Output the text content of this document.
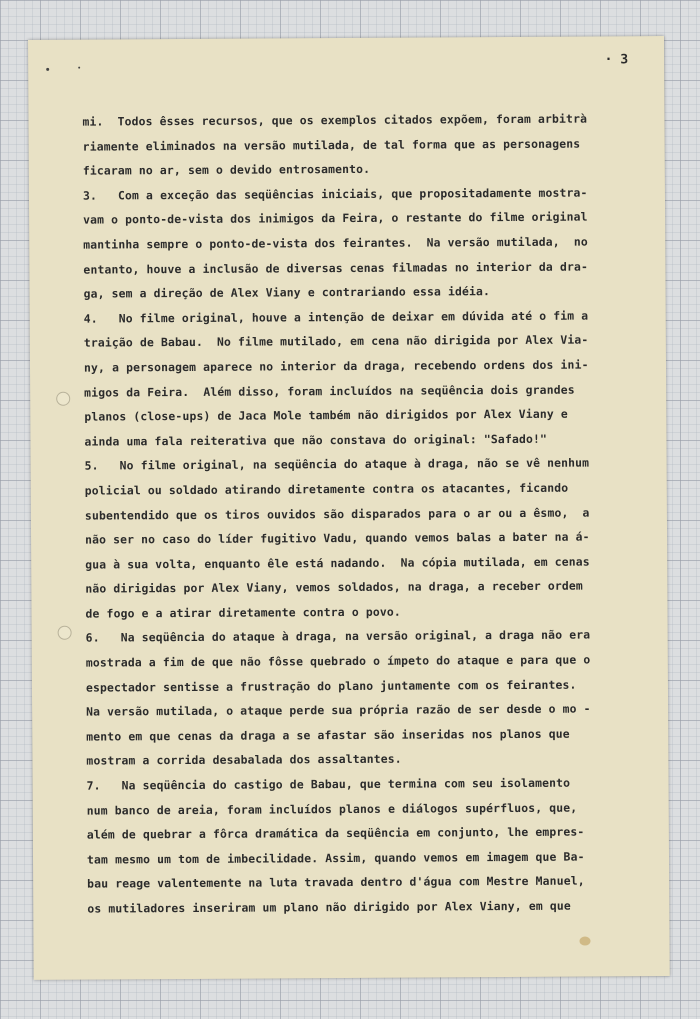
· 3
mi.  Todos êsses recursos, que os exemplos citados expõem, foram arbitrà
riamente eliminados na versão mutilada, de tal forma que as personagens
ficaram no ar, sem o devido entrosamento.
3.   Com a exceção das seqüências iniciais, que propositadamente mostra-
vam o ponto-de-vista dos inimigos da Feira, o restante do filme original
mantinha sempre o ponto-de-vista dos feirantes.  Na versão mutilada,  no
entanto, houve a inclusão de diversas cenas filmadas no interior da dra-
ga, sem a direção de Alex Viany e contrariando essa idéia.
4.   No filme original, houve a intenção de deixar em dúvida até o fim a
traição de Babau.  No filme mutilado, em cena não dirigida por Alex Via-
ny, a personagem aparece no interior da draga, recebendo ordens dos ini-
migos da Feira.  Além disso, foram incluídos na seqüência dois grandes
planos (close-ups) de Jaca Mole também não dirigidos por Alex Viany e
ainda uma fala reiterativa que não constava do original: "Safado!"
5.   No filme original, na seqüência do ataque à draga, não se vê nenhum
policial ou soldado atirando diretamente contra os atacantes, ficando
subentendido que os tiros ouvidos são disparados para o ar ou a êsmo,  a
não ser no caso do líder fugitivo Vadu, quando vemos balas a bater na á-
gua à sua volta, enquanto êle está nadando.  Na cópia mutilada, em cenas
não dirigidas por Alex Viany, vemos soldados, na draga, a receber ordem
de fogo e a atirar diretamente contra o povo.
6.   Na seqüência do ataque à draga, na versão original, a draga não era
mostrada a fim de que não fôsse quebrado o ímpeto do ataque e para que o
espectador sentisse a frustração do plano juntamente com os feirantes.
Na versão mutilada, o ataque perde sua própria razão de ser desde o mo -
mento em que cenas da draga a se afastar são inseridas nos planos que
mostram a corrida desabalada dos assaltantes.
7.   Na seqüência do castigo de Babau, que termina com seu isolamento
num banco de areia, foram incluídos planos e diálogos supérfluos, que,
além de quebrar a fôrca dramática da seqüência em conjunto, lhe empres-
tam mesmo um tom de imbecilidade. Assim, quando vemos em imagem que Ba-
bau reage valentemente na luta travada dentro d'água com Mestre Manuel,
os mutiladores inseriram um plano não dirigido por Alex Viany, em que
